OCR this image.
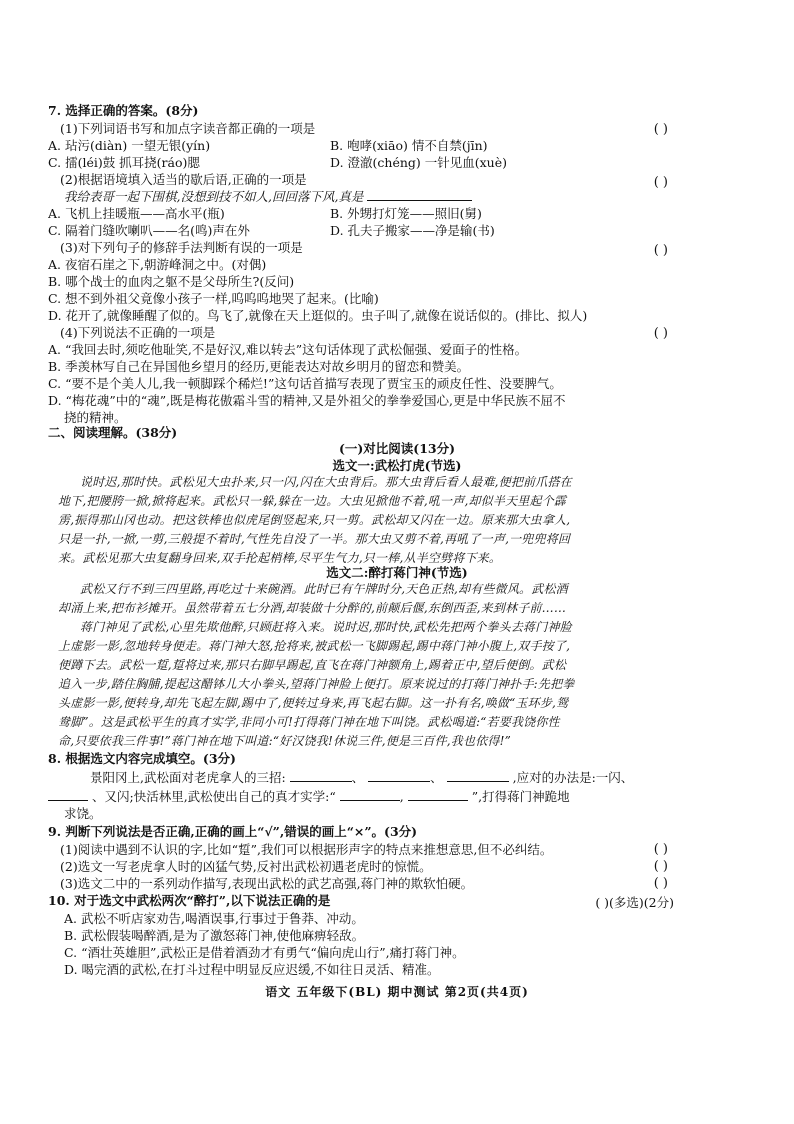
7. 选择正确的答案。(8分)
(1)下列词语书写和加点字读音都正确的一项是	( )
A. 玷污(diàn) 一望无银(yín)	B. 咆哮(xiāo) 情不自禁(jīn)
C. 擂(léi)鼓 抓耳挠(ráo)腮	D. 澄澈(chéng) 一针见血(xuè)
(2)根据语境填入适当的歇后语,正确的一项是	( )
我给表哥一起下围棋,没想到技不如人,回回落下风,真是
A. 飞机上挂暖瓶——高水平(瓶)	B. 外甥打灯笼——照旧(舅)
C. 隔着门缝吹喇叭——名(鸣)声在外	D. 孔夫子搬家——净是输(书)
(3)对下列句子的修辞手法判断有误的一项是	( )
A. 夜宿石崖之下,朝游峰洞之中。(对偶)
B. 哪个战士的血肉之躯不是父母所生?(反问)
C. 想不到外祖父竟像小孩子一样,呜呜呜地哭了起来。(比喻)
D. 花开了,就像睡醒了似的。鸟飞了,就像在天上逛似的。虫子叫了,就像在说话似的。(排比、拟人)
(4)下列说法不正确的一项是	( )
A. “我回去时,须吃他耻笑,不是好汉,难以转去”这句话体现了武松倔强、爱面子的性格。
B. 季羡林写自己在异国他乡望月的经历,更能表达对故乡明月的留恋和赞美。
C. “要不是个美人儿,我一顿脚踩个稀烂!”这句话首描写表现了贾宝玉的顽皮任性、没要脾气。
D. “梅花魂”中的“魂”,既是梅花傲霜斗雪的精神,又是外祖父的拳拳爱国心,更是中华民族不屈不
挠的精神。
二、阅读理解。(38分)
(一)对比阅读(13分)
选文一:武松打虎(节选)
说时迟,那时快。武松见大虫扑来,只一闪,闪在大虫背后。那大虫背后看人最难,便把前爪搭在
地下,把腰胯一掀,掀将起来。武松只一躲,躲在一边。大虫见掀他不着,吼一声,却似半天里起个霹
雳,振得那山冈也动。把这铁棒也似虎尾倒竖起来,只一剪。武松却又闪在一边。原来那大虫拿人,
只是一扑,一掀,一剪,三般提不着时,气性先自没了一半。那大虫又剪不着,再吼了一声,一兜兜将回
来。武松见那大虫复翻身回来,双手抡起梢棒,尽平生气力,只一棒,从半空劈将下来。
选文二:醉打蒋门神(节选)
武松又行不到三四里路,再吃过十来碗酒。此时已有午牌时分,天色正热,却有些微风。武松酒
却涌上来,把布衫摊开。虽然带着五七分酒,却装做十分醉的,前颠后偃,东倒西歪,来到林子前……
蒋门神见了武松,心里先欺他醉,只顾赶将入来。说时迟,那时快,武松先把两个拳头去蒋门神脸
上虚影一影,忽地转身便走。蒋门神大怒,抢将来,被武松一飞脚踢起,踢中蒋门神小腹上,双手按了,
便蹲下去。武松一踅,踅将过来,那只右脚早踢起,直飞在蒋门神额角上,踢着正中,望后便倒。武松
追入一步,踏住胸脯,提起这醋钵儿大小拳头,望蒋门神脸上便打。原来说过的打蒋门神扑手:先把拳
头虚影一影,便转身,却先飞起左脚,踢中了,便转过身来,再飞起右脚。这一扑有名,唤做“玉环步,鸳
鸯脚”。这是武松平生的真才实学,非同小可!打得蒋门神在地下叫饶。武松喝道:“若要我饶你性
命,只要依我三件事!”蒋门神在地下叫道:“好汉饶我!休说三件,便是三百件,我也依得!”
8. 根据选文内容完成填空。(3分)
景阳冈上,武松面对老虎拿人的三招:	、	、	,应对的办法是:一闪、
、又闪;快活林里,武松使出自己的真才实学:“	,	”,打得蒋门神跪地
求饶。
9. 判断下列说法是否正确,正确的画上“√”,错误的画上“×”。(3分)
(1)阅读中遇到不认识的字,比如“踅”,我们可以根据形声字的特点来推想意思,但不必纠结。	( )
(2)选文一写老虎拿人时的凶猛气势,反衬出武松初遇老虎时的惊慌。	( )
(3)选文二中的一系列动作描写,表现出武松的武艺高强,蒋门神的欺软怕硬。	( )
10. 对于选文中武松两次“醉打”,以下说法正确的是	( )(多选)(2分)
A. 武松不听店家劝告,喝酒误事,行事过于鲁莽、冲动。
B. 武松假装喝醉酒,是为了激怒蒋门神,使他麻痹轻敌。
C. “酒壮英雄胆”,武松正是借着酒劲才有勇气“偏向虎山行”,痛打蒋门神。
D. 喝完酒的武松,在打斗过程中明显反应迟缓,不如往日灵活、精准。
语文 五年级下(BL) 期中测试 第2页(共4页)
